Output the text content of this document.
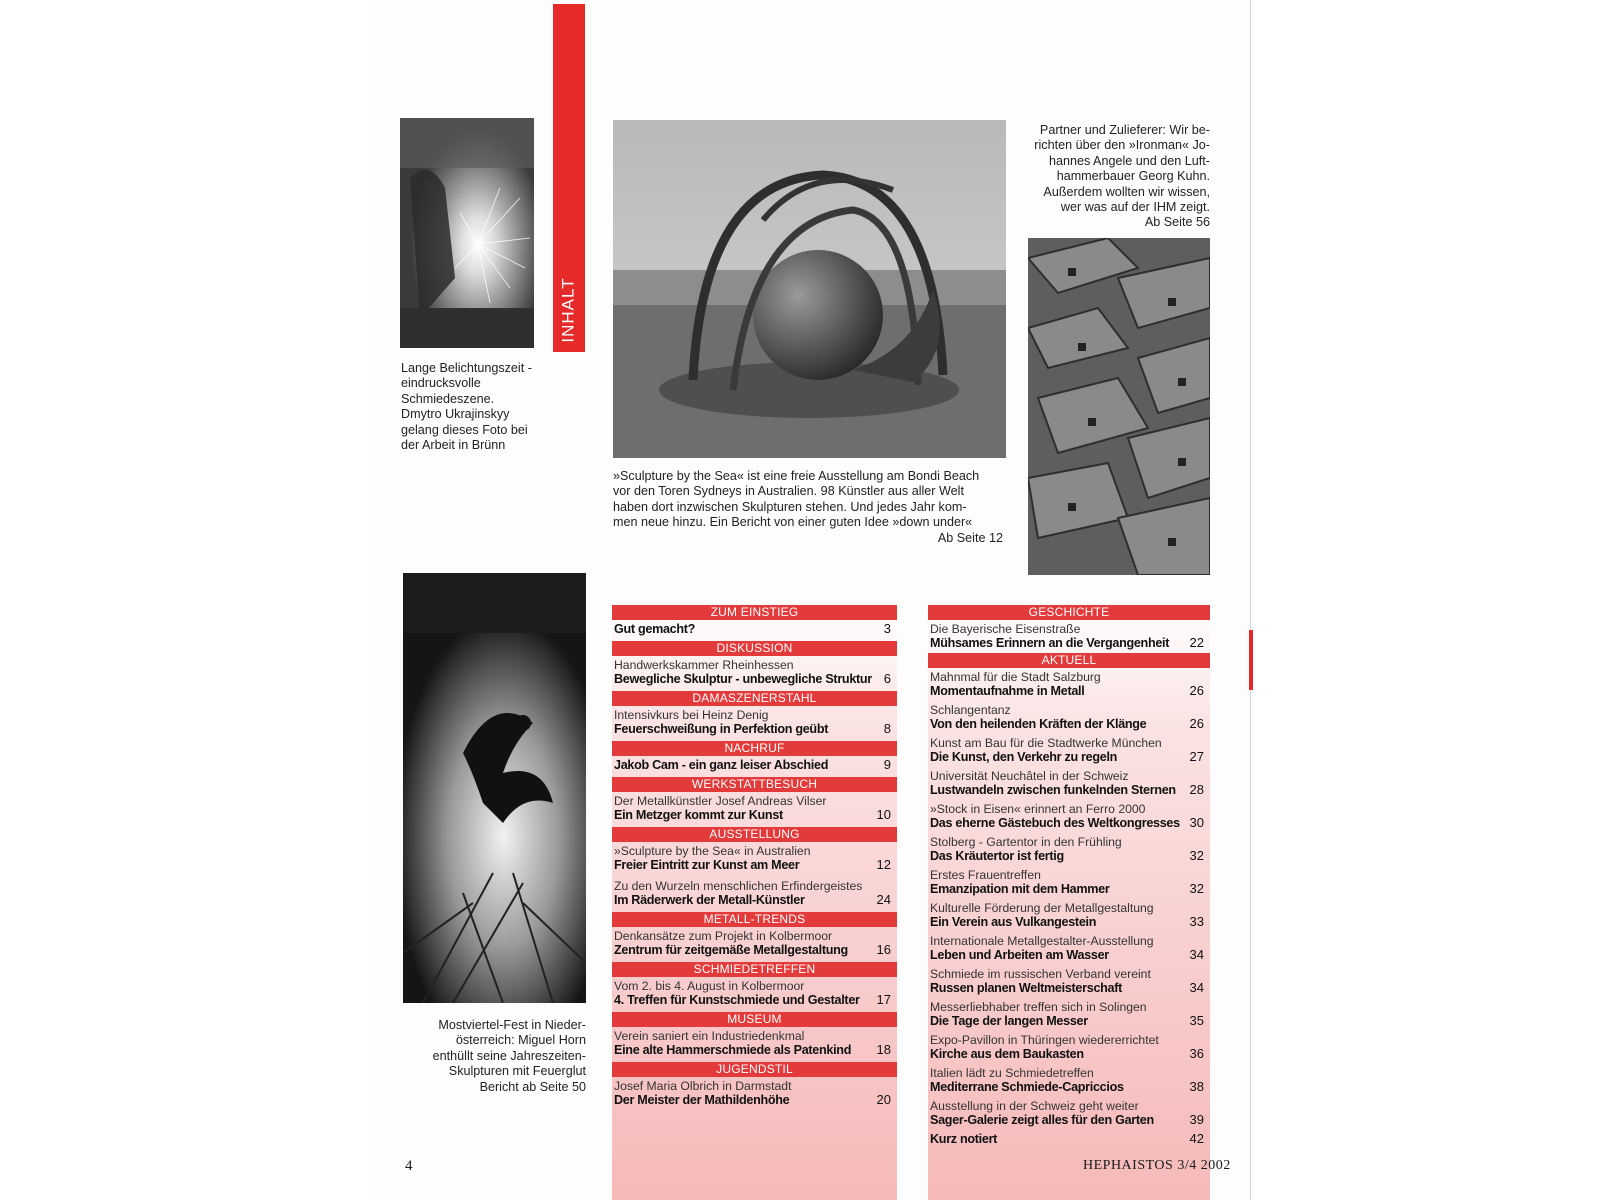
INHALT
Lange Belichtungszeit -
eindrucksvolle
Schmiedeszene.
Dmytro Ukrajinskyy
gelang dieses Foto bei
der Arbeit in Brünn
»Sculpture by the Sea« ist eine freie Ausstellung am Bondi Beach
vor den Toren Sydneys in Australien. 98 Künstler aus aller Welt
haben dort inzwischen Skulpturen stehen. Und jedes Jahr kom-
men neue hinzu. Ein Bericht von einer guten Idee »down under«
Ab Seite 12
Partner und Zulieferer: Wir be-
richten über den »Ironman« Jo-
hannes Angele und den Luft-
hammerbauer Georg Kuhn.
Außerdem wollten wir wissen,
wer was auf der IHM zeigt.
Ab Seite 56
Mostviertel-Fest in Nieder-
österreich: Miguel Horn
enthüllt seine Jahreszeiten-
Skulpturen mit Feuerglut
Bericht ab Seite 50
ZUM EINSTIEG
Gut gemacht?	3
DISKUSSION
Handwerkskammer Rheinhessen
Bewegliche Skulptur - unbewegliche Struktur 6
DAMASZENERSTAHL
Intensivkurs bei Heinz Denig
Feuerschweißung in Perfektion geübt	8
NACHRUF
Jakob Cam - ein ganz leiser Abschied	9
WERKSTATTBESUCH
Der Metallkünstler Josef Andreas Vilser
Ein Metzger kommt zur Kunst	10
AUSSTELLUNG
»Sculpture by the Sea« in Australien
Freier Eintritt zur Kunst am Meer	12
Zu den Wurzeln menschlichen Erfindergeistes
Im Räderwerk der Metall-Künstler	24
METALL-TRENDS
Denkansätze zum Projekt in Kolbermoor
Zentrum für zeitgemäße Metallgestaltung 16
SCHMIEDETREFFEN
Vom 2. bis 4. August in Kolbermoor
4. Treffen für Kunstschmiede und Gestalter 17
MUSEUM
Verein saniert ein Industriedenkmal
Eine alte Hammerschmiede als Patenkind 18
JUGENDSTIL
Josef Maria Olbrich in Darmstadt
Der Meister der Mathildenhöhe	20
GESCHICHTE
Die Bayerische Eisenstraße
Mühsames Erinnern an die Vergangenheit 22
AKTUELL
Mahnmal für die Stadt Salzburg
Momentaufnahme in Metall	26
Schlangentanz
Von den heilenden Kräften der Klänge	26
Kunst am Bau für die Stadtwerke München
Die Kunst, den Verkehr zu regeln	27
Universität Neuchâtel in der Schweiz
Lustwandeln zwischen funkelnden Sternen 28
»Stock in Eisen« erinnert an Ferro 2000
Das eherne Gästebuch des Weltkongresses 30
Stolberg - Gartentor in den Frühling
Das Kräutertor ist fertig	32
Erstes Frauentreffen
Emanzipation mit dem Hammer	32
Kulturelle Förderung der Metallgestaltung
Ein Verein aus Vulkangestein	33
Internationale Metallgestalter-Ausstellung
Leben und Arbeiten am Wasser	34
Schmiede im russischen Verband vereint
Russen planen Weltmeisterschaft	34
Messerliebhaber treffen sich in Solingen
Die Tage der langen Messer	35
Expo-Pavillon in Thüringen wiedererrichtet
Kirche aus dem Baukasten	36
Italien lädt zu Schmiedetreffen
Mediterrane Schmiede-Capriccios	38
Ausstellung in der Schweiz geht weiter
Sager-Galerie zeigt alles für den Garten	39
Kurz notiert	42
4	HEPHAISTOS 3/4 2002
